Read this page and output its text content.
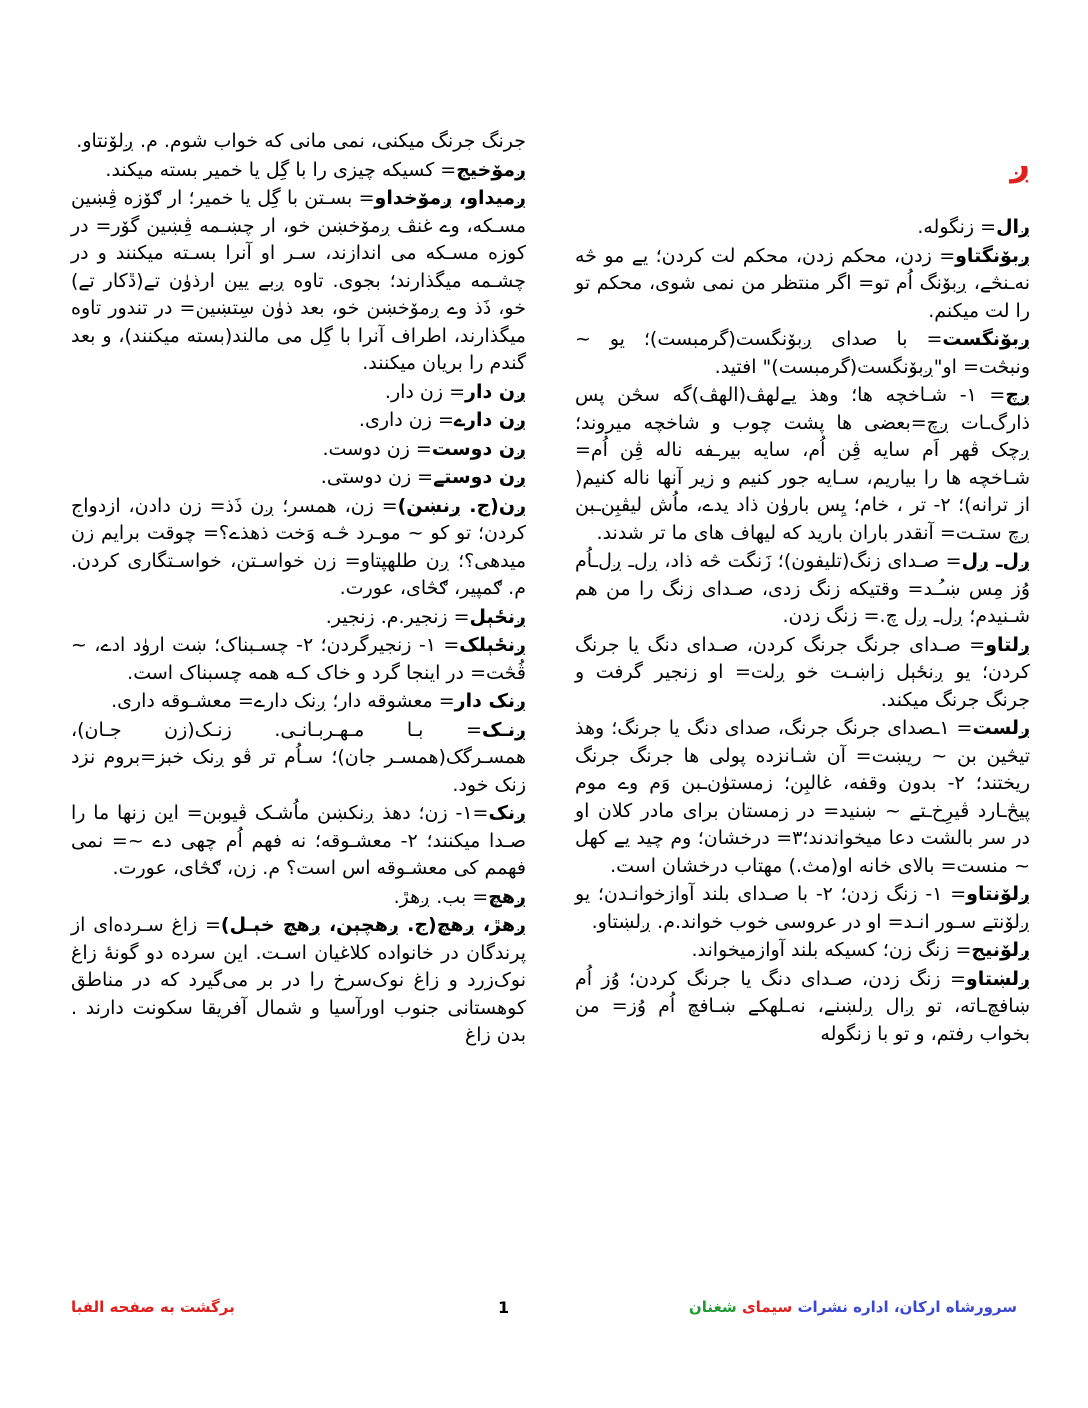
ږ
ږال= زنگوله.
ږبۆنگتاو= زدن، محکم زدن، محکم لت کردن؛ یے مو څه نه‌ـنڅے، ږبۆنگ اُم تو= اگر منتظر من نمی شوی، محکم تو را لت میکنم.
ږبۆنگست= با صدای ږبۆنگست(گرمبست)؛ یو ~ ونبڅت= او"ږبۆنگست(گرمبست)" افتید.
ږچ= ۱- شـاخچه ها؛ وهذ یے‌لهڤ(الهڤ)گه سڅن پس ذارگ‌ـات ږچ=بعضی ها پشت چوب و شاخچه میروند؛ ږچک ڤهر اَم سایه ڤِن اُم، سایه بیر‌ـفه ناله ڤِن اُم= شـاخچه ها را بیاریم، سـایه جور کنیم و زیر آنها ناله کنیم( از ترانه)؛ ۲- تر ، خام؛ یِس بارۈن ذاد یدے، ماُش لیڤبِن‌ـبن ږچ ستـت= آنقدر باران بارید که لیهاف های ما تر شدند.
ږل‌ـ ږل= صـدای زنگ(تلیفون)؛ زَنگت څه ذاد، ږل‌ـ ږل‌ـاُم وُز مِس ښـُـد= وقتیکه زنگ زدی، صـدای زنگ را من هم شـنیدم؛ ږل‌ـ ږل چ.= زنگ زدن.
ږلتاو= صـدای جرنگ جرنگ کردن، صـدای دنگ یا جرنگ کردن؛ یو ږنځېل زاښـت خو ږلت= او زنجیر گرفت و جرنگ جرنگ میکند.
ږلست= ۱‌ـصدای جرنگ جرنگ، صدای دنگ یا جرنگ؛ وهذ تیڅین بن ~ ریښت= آن شـانزده پولی ها جرنگ جرنگ ریختند؛ ۲- بدون وقفه، غالبِن؛ زمستۈن‌ـبن وَم وے موم پیڅ‌ـارد ڤیرِخ‌ـتے ~ ښنید= در زمستان برای مادر کلان او در سر بالشت دعا میخواندند؛۳= درخشان؛ وم چید یے کهل ~ منست= بالای خانه او(مث.) مهتاب درخشان است.
ږلۆنتاو= ۱- زنگ زدن؛ ۲- با صـدای بلند آوازخوانـدن؛ یو ږلۆنتے سـور انـد= او در عروسی خوب خواند.م. ږلښتاو.
ږلۆنیج= زنگ زن؛ کسیکه بلند آوازمیخواند.
ږلښتاو= زنگ زدن، صـدای دنگ یا جرنگ کردن؛ وُز اُم ښافچ‌ـاته، تو ږال ږلښنے، نه‌ـلهکے ښـافچ اُم وُز= من بخواب رفتم، و تو با زنگوله
جرنگ جرنگ میکنی، نمی مانی که خواب شوم. م. ږلۆنتاو.
ږمۆخیج= کسیکه چیزی را با گِل یا خمیر بسته میکند.
ږمیداو، ږمۆخداو= بسـتن با گِل یا خمیر؛ ار ګۆزه ڤِښین مسـکه، وے غنڤ ږمۆخښن خو، ار چښـمه ڤِښین گۆر= در کوزه مسـکه می اندازند، سـر او آنرا بسـته میکنند و در چشـمه میگذارند؛ بجوی. تاوه ږبے یین ارذۈن تے(ڐکار تے) خو، ذَذ وے ږمۆخښن خو، بعد ذۈن سِتښین= در تندور تاوه میگذارند، اطراف آنرا با گِل می مالند(بسته میکنند)، و بعد گندم را بریان میکنند.
ږن دار= زن دار.
ږن دارے= زن داری.
ږن دوست= زن دوست.
ږن دوستے= زن دوستی.
ږن(ج. ږنښن)= زن، همسر؛ ږن ذَذ= زن دادن، ازدواج کردن؛ تو کو ~ مو‌ـرد څـه وَخت ذهذے؟= چوقت برایم زن میدهی؟؛ ږن طلهپتاو= زن خواسـتن، خواسـتگاری کردن. م. ګمپیر، ګڅای، عورت.
ږنځېل= زنجیر.م. زنجیر.
ږنځېلک= ۱- زنجیرگردن؛ ۲- چسـبناک؛ ښت ارۈد ادے، ~ ڤُڅت= در اینجا گرد و خاک کـه همه چسبناک است.
ږنک دار= معشوقه دار؛ ږنک دارے= معشـوقه داری.
ږنـک= بـا مـهـربـانـی. زنـک(زن جـان)، همسـرگک(همسـر جان)؛ سـاُم تر ڤو ږنک خبز=بروم نزد زنک خود.
ږنک=۱- زن؛ دهذ ږنکښن ماُشـک ڤیوبن= این زنها ما را صـدا میکنند؛ ۲- معشـوقه؛ نه فهم اُم چهی دے ~= نمی فهمم کی معشـوقه اس است؟ م. زن، ګڅای، عورت.
ږهچ= بب. ږهڙ.
ږهڙ، ږهچ(ج. ږهچېن، ږهچ خېـل)= زاغ سـرده‌ای از پرندگان در خانواده کلاغیان اسـت. این سرده دو گونهٔ زاغ نوک‌زرد و زاغ نوک‌سرخ را در بر می‌گیرد که در مناطق کوهستانی جنوب اورآسیا و شمال آفریقا سکونت دارند . بدن زاغ
برگشت به صفحه الفبا	1	سرورشاه ارکان، اداره نشرات سیمای شغنان
